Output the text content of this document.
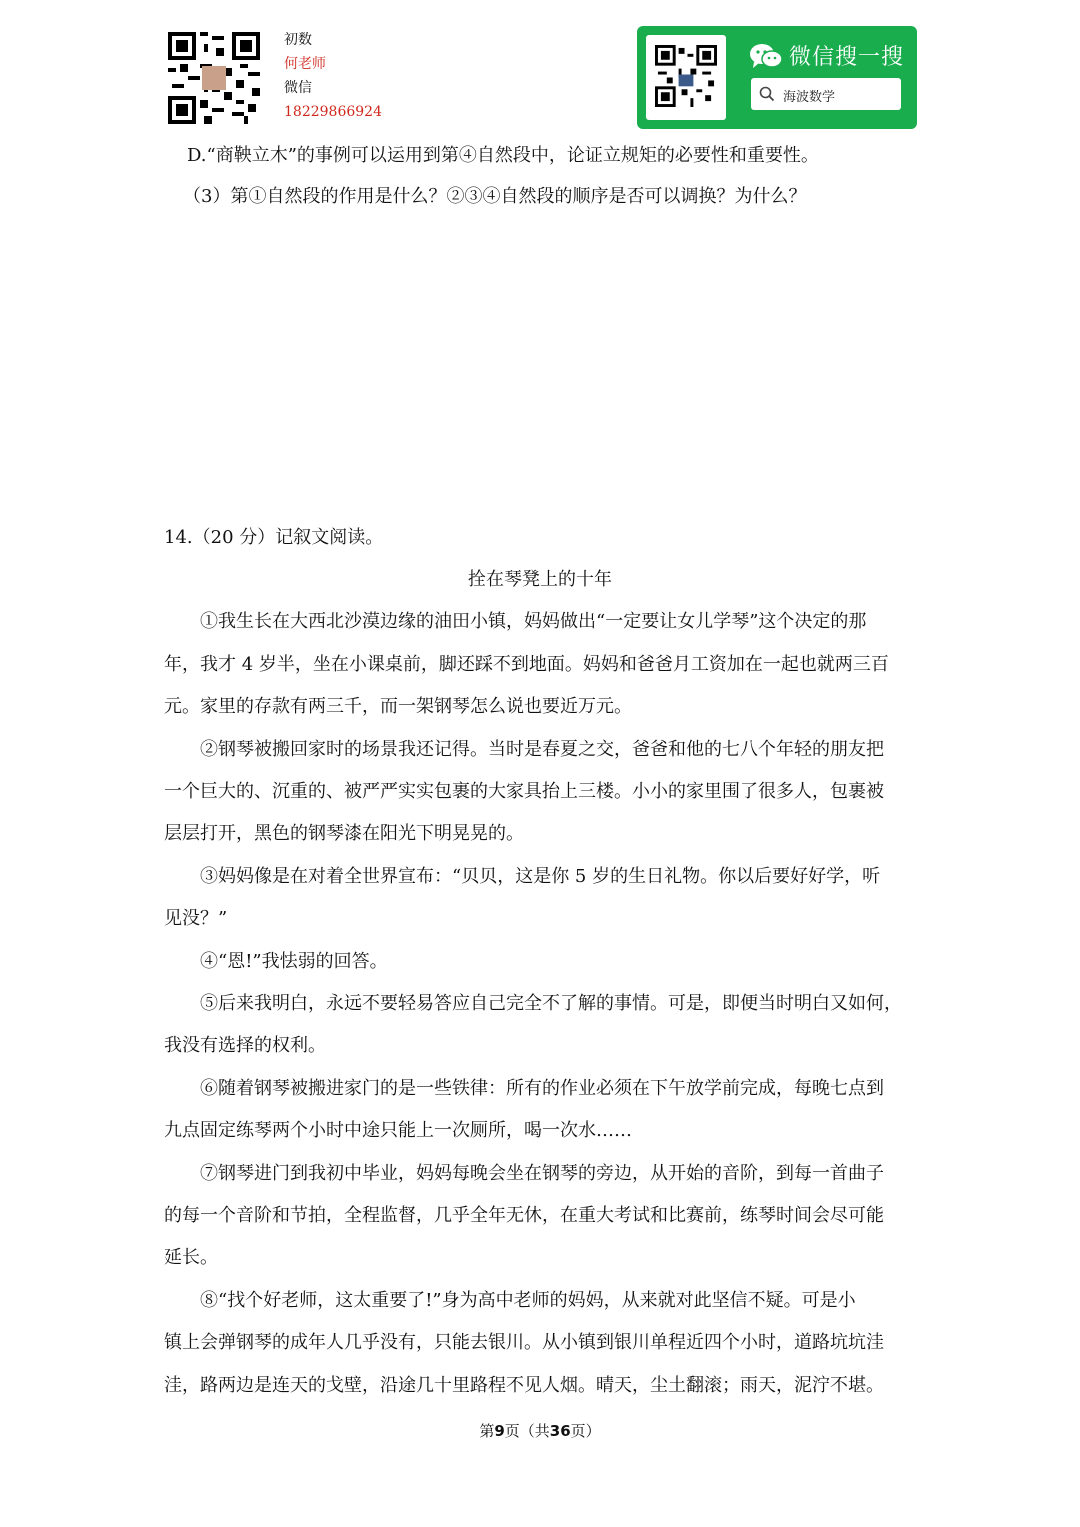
初数
何老师
微信
18229866924
微信搜一搜
海波数学
D.“商鞅立木”的事例可以运用到第④自然段中，论证立规矩的必要性和重要性。
（3）第①自然段的作用是什么？②③④自然段的顺序是否可以调换？为什么？
14.（20 分）记叙文阅读。
拴在琴凳上的十年
①我生长在大西北沙漠边缘的油田小镇，妈妈做出“一定要让女儿学琴”这个决定的那
年，我才 4 岁半，坐在小课桌前，脚还踩不到地面。妈妈和爸爸月工资加在一起也就两三百
元。家里的存款有两三千，而一架钢琴怎么说也要近万元。
②钢琴被搬回家时的场景我还记得。当时是春夏之交，爸爸和他的七八个年轻的朋友把
一个巨大的、沉重的、被严严实实包裹的大家具抬上三楼。小小的家里围了很多人，包裹被
层层打开，黑色的钢琴漆在阳光下明晃晃的。
③妈妈像是在对着全世界宣布：“贝贝，这是你 5 岁的生日礼物。你以后要好好学，听
见没？”
④“恩!”我怯弱的回答。
⑤后来我明白，永远不要轻易答应自己完全不了解的事情。可是，即便当时明白又如何，
我没有选择的权利。
⑥随着钢琴被搬进家门的是一些铁律：所有的作业必须在下午放学前完成，每晚七点到
九点固定练琴两个小时中途只能上一次厕所，喝一次水……
⑦钢琴进门到我初中毕业，妈妈每晚会坐在钢琴的旁边，从开始的音阶，到每一首曲子
的每一个音阶和节拍，全程监督，几乎全年无休，在重大考试和比赛前，练琴时间会尽可能
延长。
⑧“找个好老师，这太重要了!”身为高中老师的妈妈，从来就对此坚信不疑。可是小
镇上会弹钢琴的成年人几乎没有，只能去银川。从小镇到银川单程近四个小时，道路坑坑洼
洼，路两边是连天的戈壁，沿途几十里路程不见人烟。晴天，尘土翻滚；雨天，泥泞不堪。
第9页（共36页）
